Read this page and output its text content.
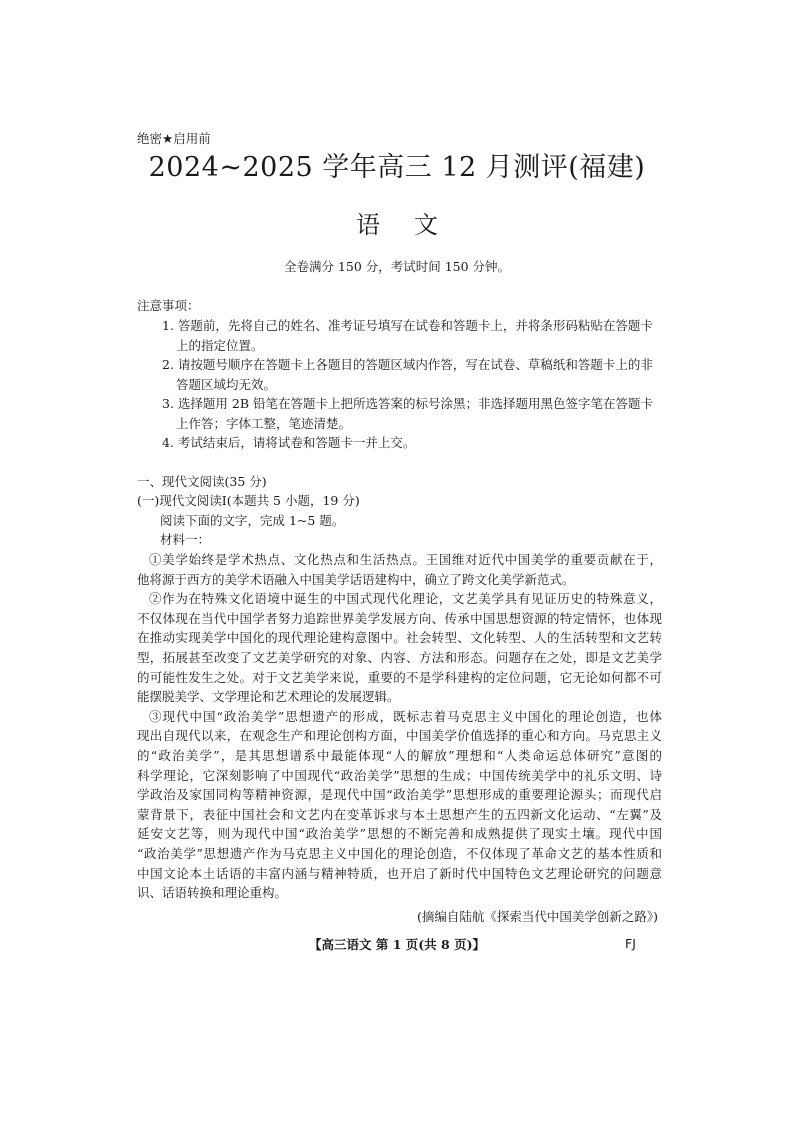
绝密★启用前
2024~2025 学年高三 12 月测评(福建)
语文
全卷满分 150 分，考试时间 150 分钟。
注意事项：
1. 答题前，先将自己的姓名、准考证号填写在试卷和答题卡上，并将条形码粘贴在答题卡
上的指定位置。
2. 请按题号顺序在答题卡上各题目的答题区域内作答，写在试卷、草稿纸和答题卡上的非
答题区域均无效。
3. 选择题用 2B 铅笔在答题卡上把所选答案的标号涂黑；非选择题用黑色签字笔在答题卡
上作答；字体工整，笔迹清楚。
4. 考试结束后，请将试卷和答题卡一并上交。
一、现代文阅读(35 分)
(一)现代文阅读Ⅰ(本题共 5 小题，19 分)
阅读下面的文字，完成 1~5 题。
材料一：
①美学始终是学术热点、文化热点和生活热点。王国维对近代中国美学的重要贡献在于，
他将源于西方的美学术语融入中国美学话语建构中，确立了跨文化美学新范式。
②作为在特殊文化语境中诞生的中国式现代化理论，文艺美学具有见证历史的特殊意义，
不仅体现在当代中国学者努力追踪世界美学发展方向、传承中国思想资源的特定情怀，也体现
在推动实现美学中国化的现代理论建构意图中。社会转型、文化转型、人的生活转型和文艺转
型，拓展甚至改变了文艺美学研究的对象、内容、方法和形态。问题存在之处，即是文艺美学
的可能性发生之处。对于文艺美学来说，重要的不是学科建构的定位问题，它无论如何都不可
能摆脱美学、文学理论和艺术理论的发展逻辑。
③现代中国“政治美学”思想遗产的形成，既标志着马克思主义中国化的理论创造，也体
现出自现代以来，在观念生产和理论创构方面，中国美学价值选择的重心和方向。马克思主义
的“政治美学”，是其思想谱系中最能体现“人的解放”理想和“人类命运总体研究”意图的
科学理论，它深刻影响了中国现代“政治美学”思想的生成；中国传统美学中的礼乐文明、诗
学政治及家国同构等精神资源，是现代中国“政治美学”思想形成的重要理论源头；而现代启
蒙背景下，表征中国社会和文艺内在变革诉求与本土思想产生的五四新文化运动、“左翼”及
延安文艺等，则为现代中国“政治美学”思想的不断完善和成熟提供了现实土壤。现代中国
“政治美学”思想遗产作为马克思主义中国化的理论创造，不仅体现了革命文艺的基本性质和
中国文论本土话语的丰富内涵与精神特质，也开启了新时代中国特色文艺理论研究的问题意
识、话语转换和理论重构。
(摘编自陆航《探索当代中国美学创新之路》)
【高三语文 第 1 页(共 8 页)】	FJ
